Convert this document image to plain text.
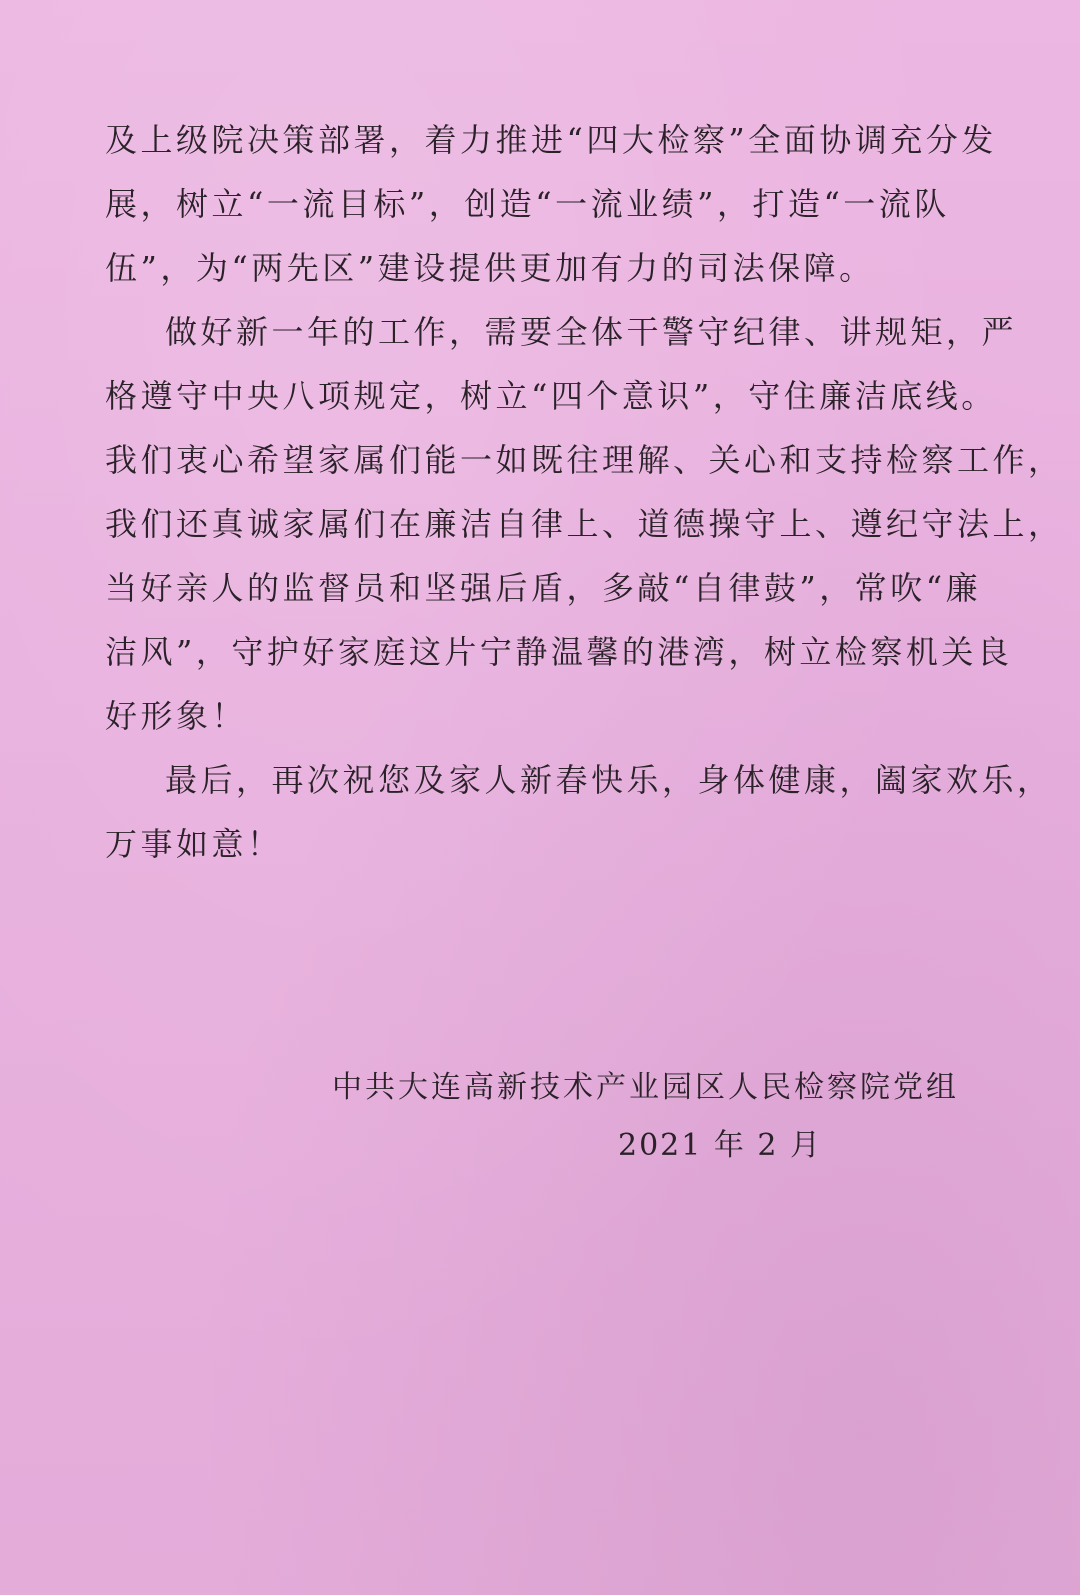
及上级院决策部署，着力推进“四大检察”全面协调充分发
展，树立“一流目标”，创造“一流业绩”，打造“一流队
伍”，为“两先区”建设提供更加有力的司法保障。
做好新一年的工作，需要全体干警守纪律、讲规矩，严
格遵守中央八项规定，树立“四个意识”，守住廉洁底线。
我们衷心希望家属们能一如既往理解、关心和支持检察工作，
我们还真诚家属们在廉洁自律上、道德操守上、遵纪守法上，
当好亲人的监督员和坚强后盾，多敲“自律鼓”，常吹“廉
洁风”，守护好家庭这片宁静温馨的港湾，树立检察机关良
好形象！
最后，再次祝您及家人新春快乐，身体健康，阖家欢乐，
万事如意！
中共大连高新技术产业园区人民检察院党组
2021 年 2 月
